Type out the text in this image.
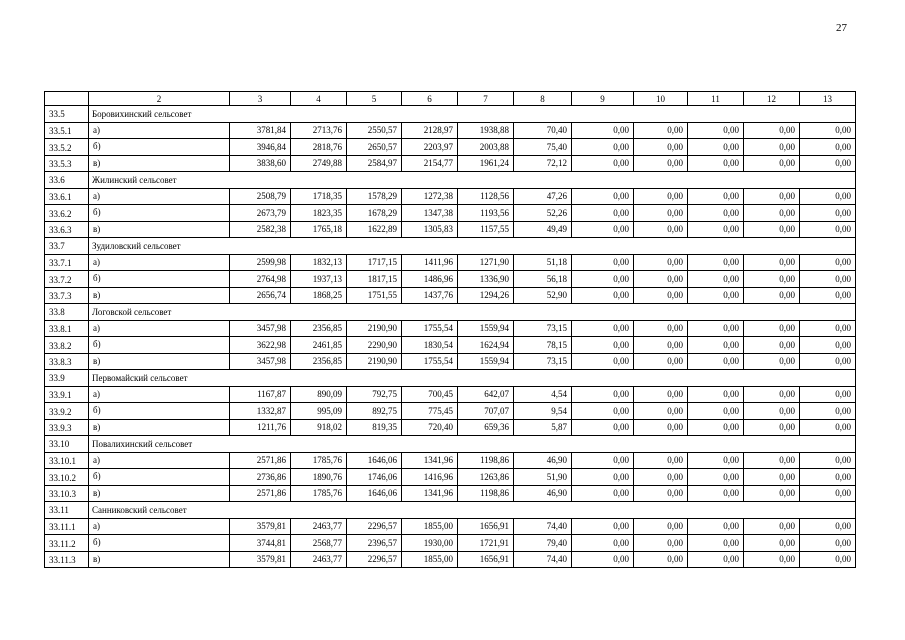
27
	2	3	4	5	6	7	8	9	10	11	12	13
33.5	Боровихинский сельсовет											
33.5.1	а)	3781,84	2713,76	2550,57	2128,97	1938,88	70,40	0,00	0,00	0,00	0,00	0,00
33.5.2	б)	3946,84	2818,76	2650,57	2203,97	2003,88	75,40	0,00	0,00	0,00	0,00	0,00
33.5.3	в)	3838,60	2749,88	2584,97	2154,77	1961,24	72,12	0,00	0,00	0,00	0,00	0,00
33.6	Жилинский сельсовет											
33.6.1	а)	2508,79	1718,35	1578,29	1272,38	1128,56	47,26	0,00	0,00	0,00	0,00	0,00
33.6.2	б)	2673,79	1823,35	1678,29	1347,38	1193,56	52,26	0,00	0,00	0,00	0,00	0,00
33.6.3	в)	2582,38	1765,18	1622,89	1305,83	1157,55	49,49	0,00	0,00	0,00	0,00	0,00
33.7	Зудиловский сельсовет											
33.7.1	а)	2599,98	1832,13	1717,15	1411,96	1271,90	51,18	0,00	0,00	0,00	0,00	0,00
33.7.2	б)	2764,98	1937,13	1817,15	1486,96	1336,90	56,18	0,00	0,00	0,00	0,00	0,00
33.7.3	в)	2656,74	1868,25	1751,55	1437,76	1294,26	52,90	0,00	0,00	0,00	0,00	0,00
33.8	Логовской сельсовет											
33.8.1	а)	3457,98	2356,85	2190,90	1755,54	1559,94	73,15	0,00	0,00	0,00	0,00	0,00
33.8.2	б)	3622,98	2461,85	2290,90	1830,54	1624,94	78,15	0,00	0,00	0,00	0,00	0,00
33.8.3	в)	3457,98	2356,85	2190,90	1755,54	1559,94	73,15	0,00	0,00	0,00	0,00	0,00
33.9	Первомайский сельсовет											
33.9.1	а)	1167,87	890,09	792,75	700,45	642,07	4,54	0,00	0,00	0,00	0,00	0,00
33.9.2	б)	1332,87	995,09	892,75	775,45	707,07	9,54	0,00	0,00	0,00	0,00	0,00
33.9.3	в)	1211,76	918,02	819,35	720,40	659,36	5,87	0,00	0,00	0,00	0,00	0,00
33.10	Повалихинский сельсовет											
33.10.1	а)	2571,86	1785,76	1646,06	1341,96	1198,86	46,90	0,00	0,00	0,00	0,00	0,00
33.10.2	б)	2736,86	1890,76	1746,06	1416,96	1263,86	51,90	0,00	0,00	0,00	0,00	0,00
33.10.3	в)	2571,86	1785,76	1646,06	1341,96	1198,86	46,90	0,00	0,00	0,00	0,00	0,00
33.11	Санниковский сельсовет											
33.11.1	а)	3579,81	2463,77	2296,57	1855,00	1656,91	74,40	0,00	0,00	0,00	0,00	0,00
33.11.2	б)	3744,81	2568,77	2396,57	1930,00	1721,91	79,40	0,00	0,00	0,00	0,00	0,00
33.11.3	в)	3579,81	2463,77	2296,57	1855,00	1656,91	74,40	0,00	0,00	0,00	0,00	0,00
